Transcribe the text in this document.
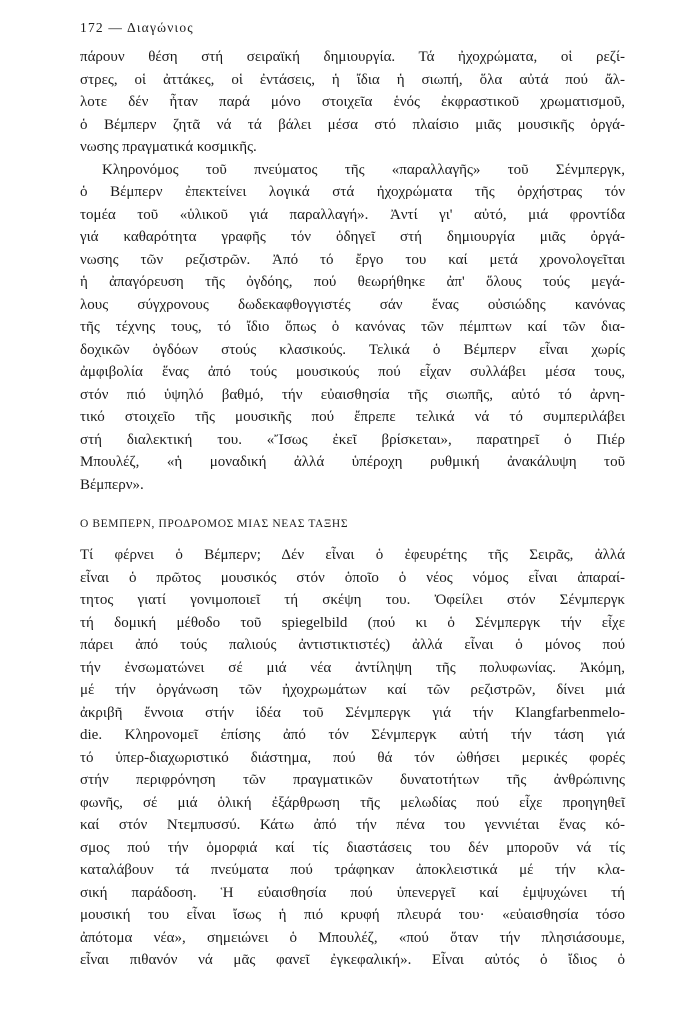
172 — Διαγώνιος
πάρουν θέση στή σειραϊκή δημιουργία. Τά ἠχοχρώματα, οἱ ρεζί-
στρες, οἱ ἀττάκες, οἱ ἐντάσεις, ἡ ἴδια ἡ σιωπή, ὅλα αὐτά πού ἄλ-
λοτε δέν ἦταν παρά μόνο στοιχεῖα ἑνός ἐκφραστικοῦ χρωματισμοῦ,
ὁ Βέμπερν ζητᾶ νά τά βάλει μέσα στό πλαίσιο μιᾶς μουσικῆς ὀργά-
νωσης πραγματικά κοσμικῆς.
Κληρονόμος τοῦ πνεύματος τῆς «παραλλαγῆς» τοῦ Σένμπεργκ,
ὁ Βέμπερν ἐπεκτείνει λογικά στά ἠχοχρώματα τῆς ὀρχήστρας τόν
τομέα τοῦ «ὑλικοῦ γιά παραλλαγή». Ἀντί γι' αὐτό, μιά φροντίδα
γιά καθαρότητα γραφῆς τόν ὁδηγεῖ στή δημιουργία μιᾶς ὀργά-
νωσης τῶν ρεζιστρῶν. Ἀπό τό ἔργο του καί μετά χρονολογεῖται
ἡ ἀπαγόρευση τῆς ὀγδόης, πού θεωρήθηκε ἀπ' ὅλους τούς μεγά-
λους σύγχρονους δωδεκαφθογγιστές σάν ἕνας οὐσιώδης κανόνας
τῆς τέχνης τους, τό ἴδιο ὅπως ὁ κανόνας τῶν πέμπτων καί τῶν δια-
δοχικῶν ὀγδόων στούς κλασικούς. Τελικά ὁ Βέμπερν εἶναι χωρίς
ἀμφιβολία ἕνας ἀπό τούς μουσικούς πού εἶχαν συλλάβει μέσα τους,
στόν πιό ὑψηλό βαθμό, τήν εὐαισθησία τῆς σιωπῆς, αὐτό τό ἀρνη-
τικό στοιχεῖο τῆς μουσικῆς πού ἔπρεπε τελικά νά τό συμπεριλάβει
στή διαλεκτική του. «Ἴσως ἐκεῖ βρίσκεται», παρατηρεῖ ὁ Πιέρ
Μπουλέζ, «ἡ μοναδική ἀλλά ὑπέροχη ρυθμική ἀνακάλυψη τοῦ
Βέμπερν».
Ο ΒΕΜΠΕΡΝ, ΠΡΟΔΡΟΜΟΣ ΜΙΑΣ ΝΕΑΣ ΤΑΞΗΣ
Τί φέρνει ὁ Βέμπερν; Δέν εἶναι ὁ ἐφευρέτης τῆς Σειρᾶς, ἀλλά
εἶναι ὁ πρῶτος μουσικός στόν ὁποῖο ὁ νέος νόμος εἶναι ἀπαραί-
τητος γιατί γονιμοποιεῖ τή σκέψη του. Ὀφείλει στόν Σένμπεργκ
τή δομική μέθοδο τοῦ spiegelbild (πού κι ὁ Σένμπεργκ τήν εἶχε
πάρει ἀπό τούς παλιούς ἀντιστικτιστές) ἀλλά εἶναι ὁ μόνος πού
τήν ἐνσωματώνει σέ μιά νέα ἀντίληψη τῆς πολυφωνίας. Ἀκόμη,
μέ τήν ὀργάνωση τῶν ἠχοχρωμάτων καί τῶν ρεζιστρῶν, δίνει μιά
ἀκριβῆ ἔννοια στήν ἰδέα τοῦ Σένμπεργκ γιά τήν Klangfarbenmelo-
die. Κληρονομεῖ ἐπίσης ἀπό τόν Σένμπεργκ αὐτή τήν τάση γιά
τό ὑπερ-διαχωριστικό διάστημα, πού θά τόν ὠθήσει μερικές φορές
στήν περιφρόνηση τῶν πραγματικῶν δυνατοτήτων τῆς ἀνθρώπινης
φωνῆς, σέ μιά ὁλική ἐξάρθρωση τῆς μελωδίας πού εἶχε προηγηθεῖ
καί στόν Ντεμπυσσύ. Κάτω ἀπό τήν πένα του γεννιέται ἕνας κό-
σμος πού τήν ὁμορφιά καί τίς διαστάσεις του δέν μποροῦν νά τίς
καταλάβουν τά πνεύματα πού τράφηκαν ἀποκλειστικά μέ τήν κλα-
σική παράδοση. Ἡ εὐαισθησία πού ὑπενεργεῖ καί ἐμψυχώνει τή
μουσική του εἶναι ἴσως ἡ πιό κρυφή πλευρά του· «εὐαισθησία τόσο
ἀπότομα νέα», σημειώνει ὁ Μπουλέζ, «πού ὅταν τήν πλησιάσουμε,
εἶναι πιθανόν νά μᾶς φανεῖ ἐγκεφαλική». Εἶναι αὐτός ὁ ἴδιος ὁ
